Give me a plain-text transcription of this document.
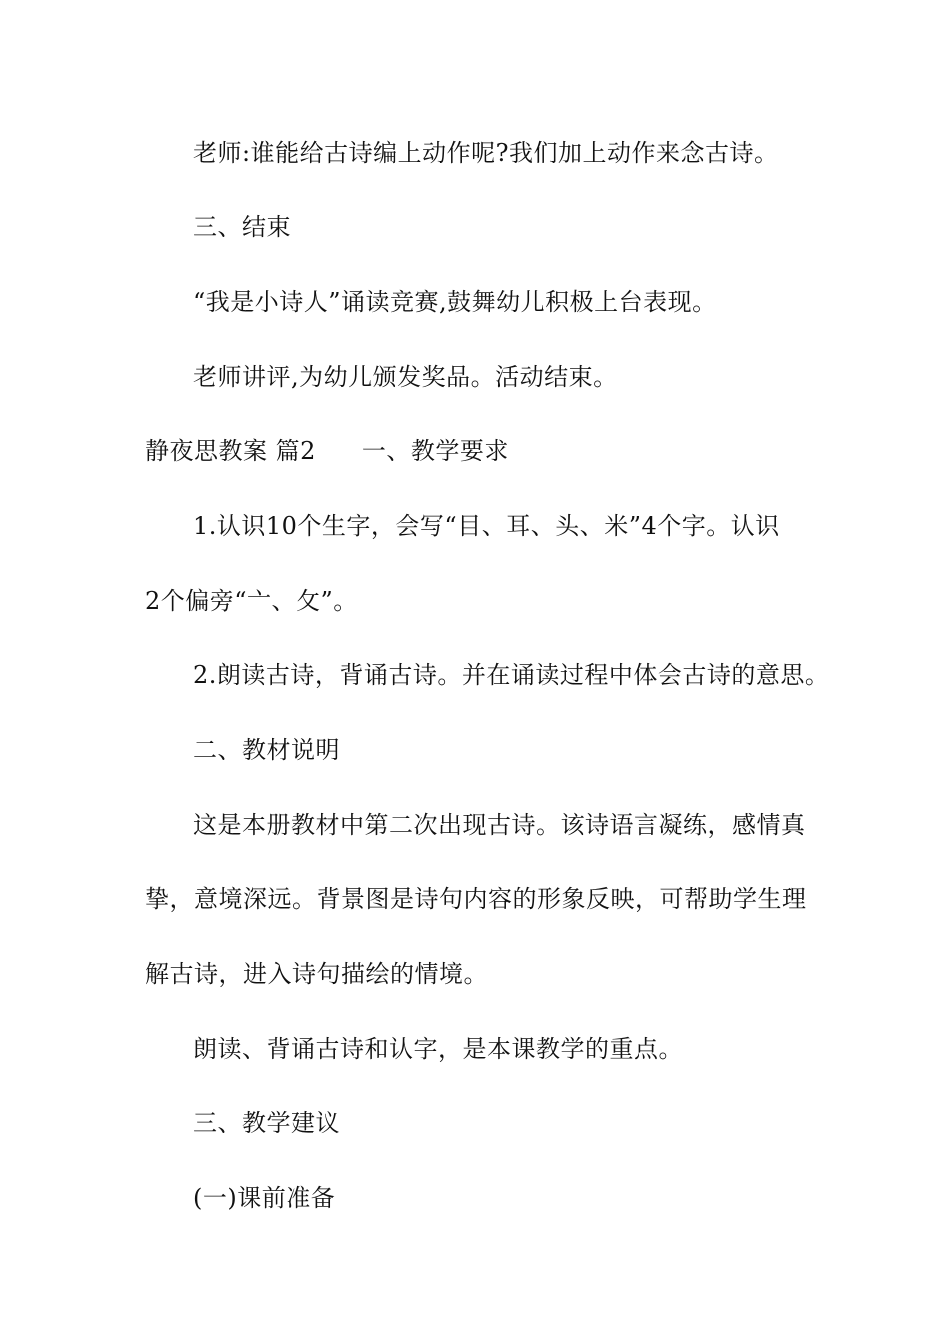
老师:谁能给古诗编上动作呢?我们加上动作来念古诗。
三、结束
“我是小诗人”诵读竞赛,鼓舞幼儿积极上台表现。
老师讲评,为幼儿颁发奖品。活动结束。
静夜思教案 篇2 一、教学要求
1.认识10个生字，会写“目、耳、头、米”4个字。认识
2个偏旁“亠、攵”。
2.朗读古诗，背诵古诗。并在诵读过程中体会古诗的意思。
二、教材说明
这是本册教材中第二次出现古诗。该诗语言凝练，感情真
挚，意境深远。背景图是诗句内容的形象反映，可帮助学生理
解古诗，进入诗句描绘的情境。
朗读、背诵古诗和认字，是本课教学的重点。
三、教学建议
(一)课前准备
